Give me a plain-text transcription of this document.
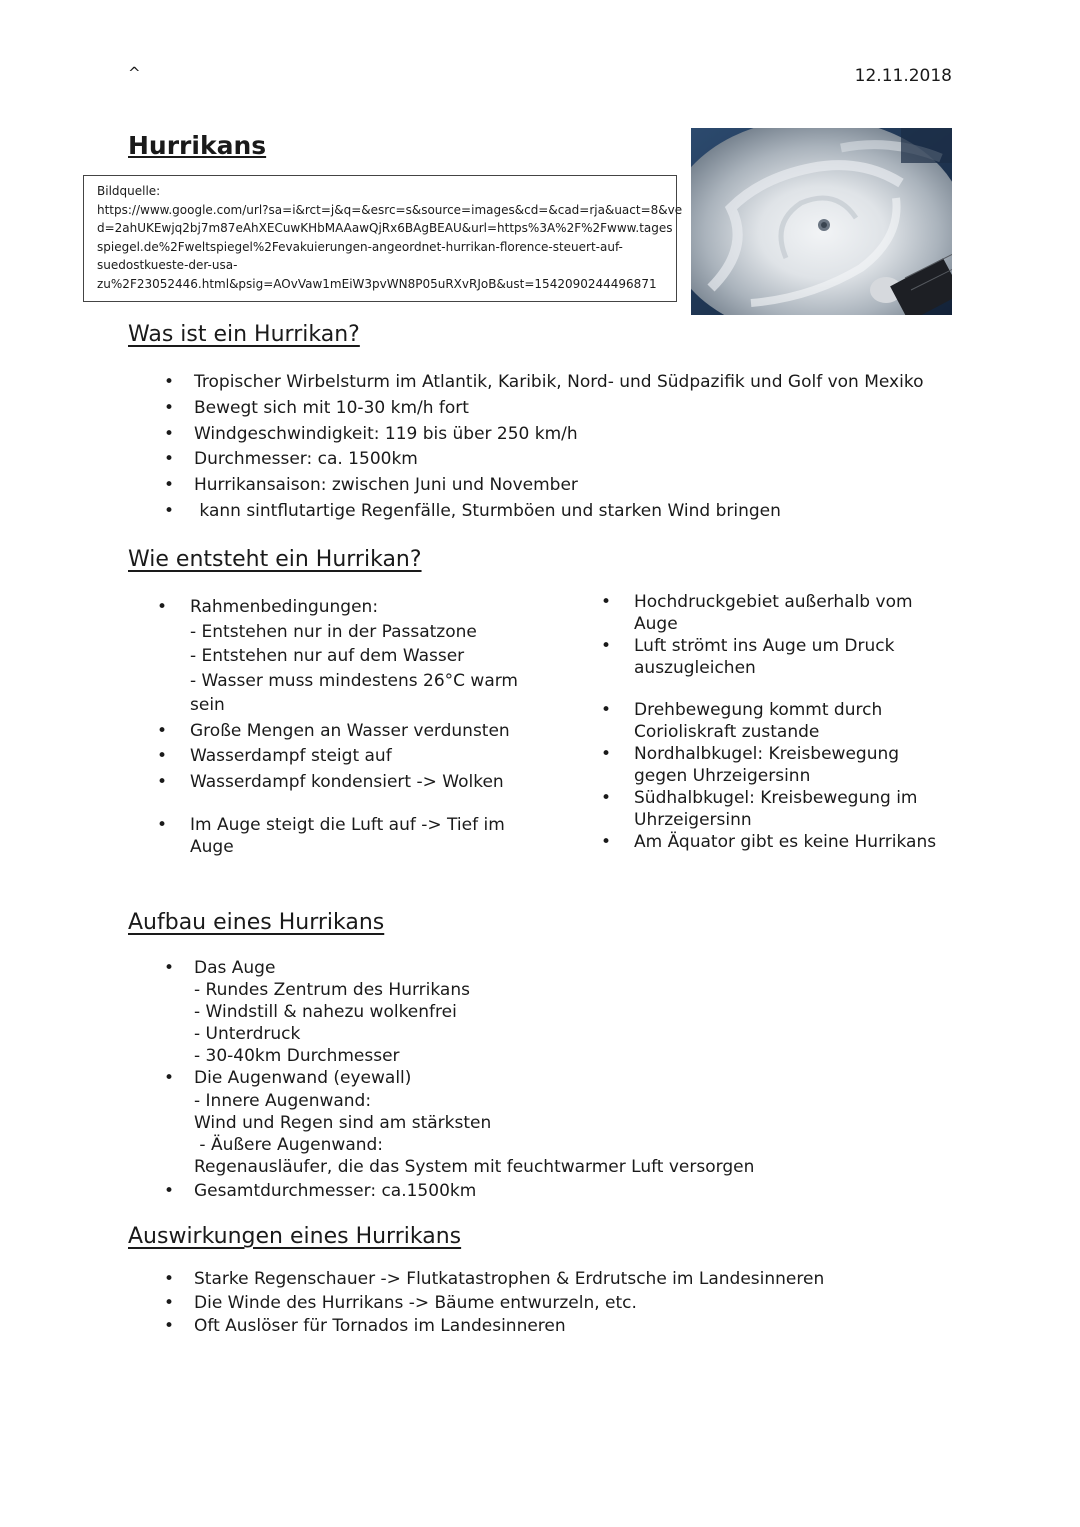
^	12.11.2018
Hurrikans
Bildquelle:
https://www.google.com/url?sa=i&rct=j&q=&esrc=s&source=images&cd=&cad=rja&uact=8&ve
d=2ahUKEwjq2bj7m87eAhXECuwKHbMAAawQjRx6BAgBEAU&url=https%3A%2F%2Fwww.tages
spiegel.de%2Fweltspiegel%2Fevakuierungen-angeordnet-hurrikan-florence-steuert-auf-
suedostkueste-der-usa-
zu%2F23052446.html&psig=AOvVaw1mEiW3pvWN8P05uRXvRJoB&ust=1542090244496871
Was ist ein Hurrikan?
• Tropischer Wirbelsturm im Atlantik, Karibik, Nord- und Südpazifik und Golf von Mexiko
• Bewegt sich mit 10-30 km/h fort
• Windgeschwindigkeit: 119 bis über 250 km/h
• Durchmesser: ca. 1500km
• Hurrikansaison: zwischen Juni und November
•  kann sintflutartige Regenfälle, Sturmböen und starken Wind bringen
Wie entsteht ein Hurrikan?
• Rahmenbedingungen:
- Entstehen nur in der Passatzone
- Entstehen nur auf dem Wasser
- Wasser muss mindestens 26°C warm
sein
• Große Mengen an Wasser verdunsten
• Wasserdampf steigt auf
• Wasserdampf kondensiert -> Wolken
• Im Auge steigt die Luft auf -> Tief im
Auge
• Hochdruckgebiet außerhalb vom
Auge
• Luft strömt ins Auge um Druck
auszugleichen
• Drehbewegung kommt durch
Corioliskraft zustande
• Nordhalbkugel: Kreisbewegung
gegen Uhrzeigersinn
• Südhalbkugel: Kreisbewegung im
Uhrzeigersinn
• Am Äquator gibt es keine Hurrikans
Aufbau eines Hurrikans
• Das Auge
- Rundes Zentrum des Hurrikans
- Windstill & nahezu wolkenfrei
- Unterdruck
- 30-40km Durchmesser
• Die Augenwand (eyewall)
- Innere Augenwand:
Wind und Regen sind am stärksten
- Äußere Augenwand:
Regenausläufer, die das System mit feuchtwarmer Luft versorgen
• Gesamtdurchmesser: ca.1500km
Auswirkungen eines Hurrikans
• Starke Regenschauer -> Flutkatastrophen & Erdrutsche im Landesinneren
• Die Winde des Hurrikans -> Bäume entwurzeln, etc.
• Oft Auslöser für Tornados im Landesinneren
